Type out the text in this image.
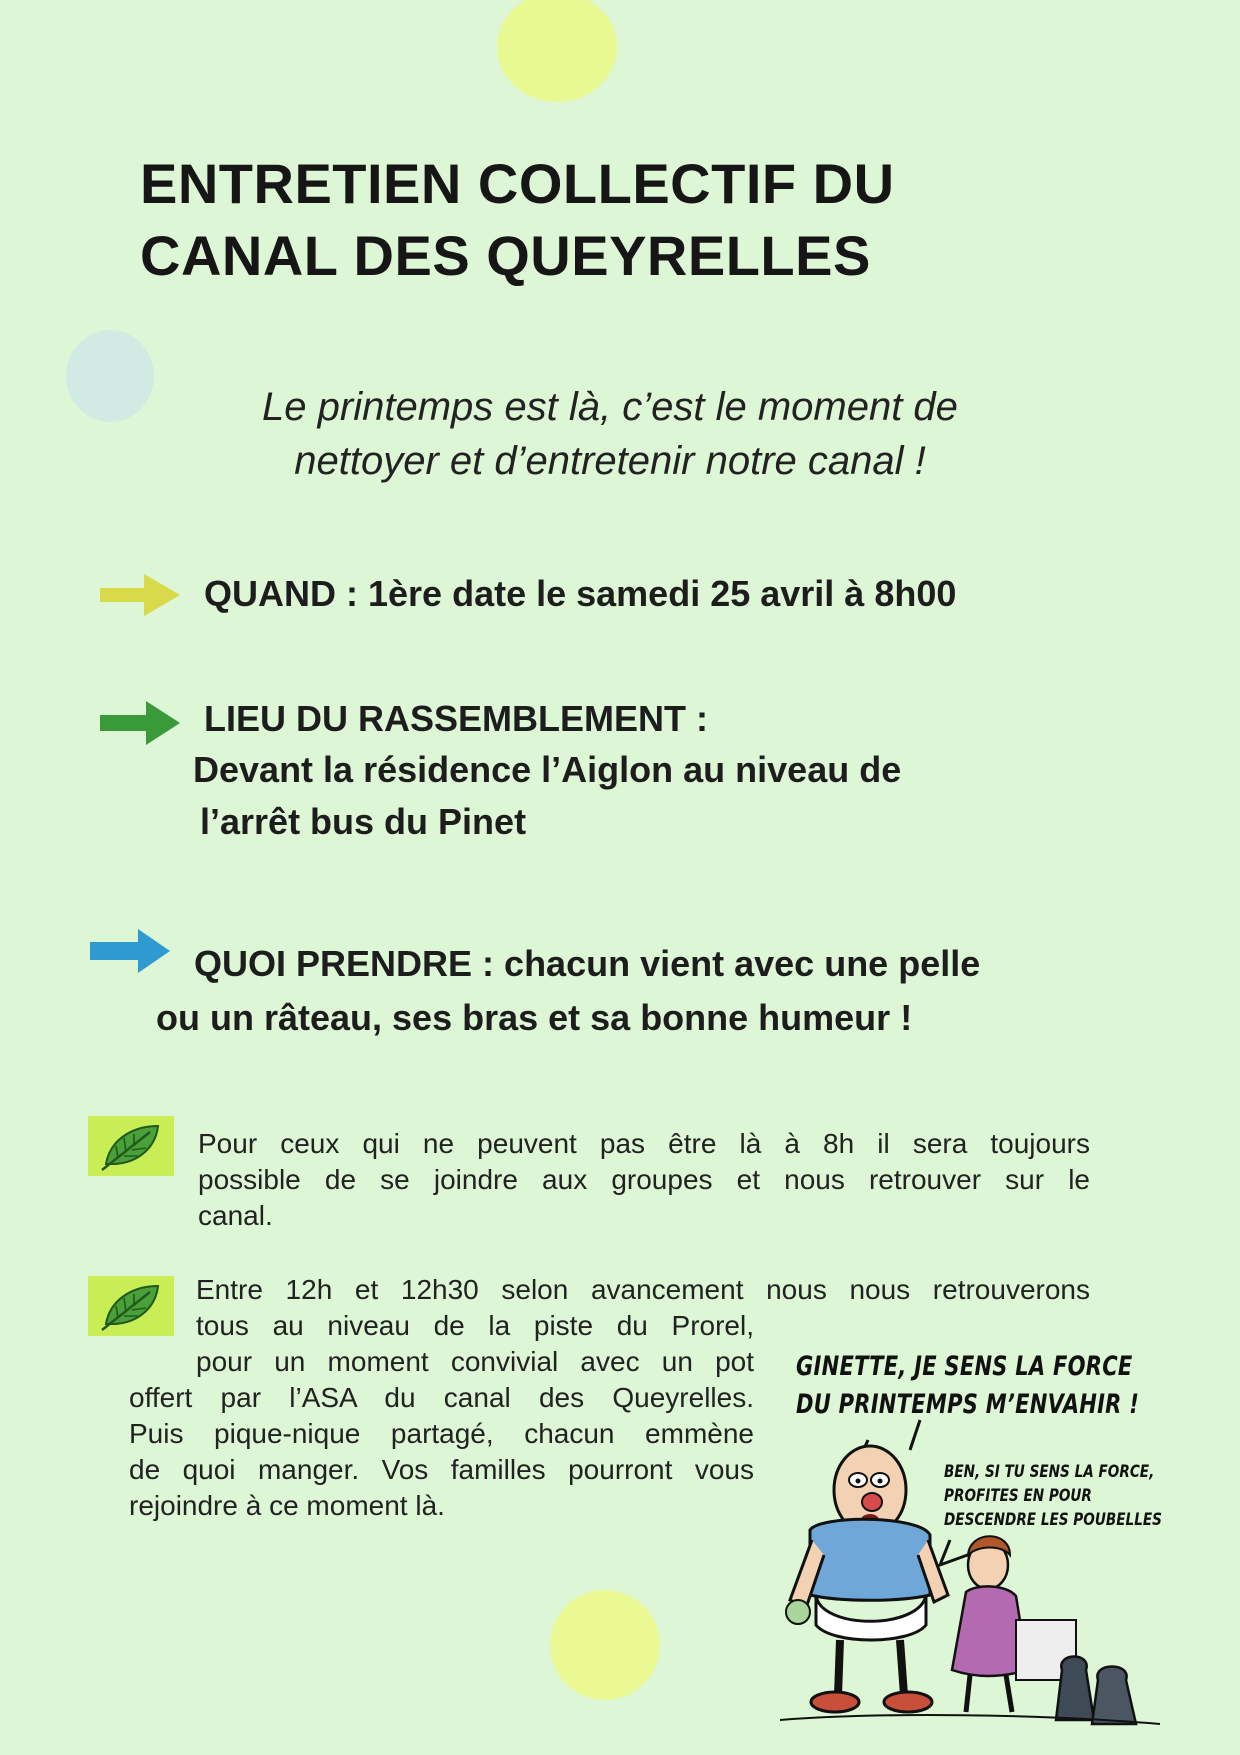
ENTRETIEN COLLECTIF DU
CANAL DES QUEYRELLES
Le printemps est là, c’est le moment de
nettoyer et d’entretenir notre canal !
QUAND : 1ère date le samedi 25 avril à 8h00
LIEU DU RASSEMBLEMENT :
Devant la résidence l’Aiglon au niveau de
l’arrêt bus du Pinet
QUOI PRENDRE : chacun vient avec une pelle
ou un râteau, ses bras et sa bonne humeur !
Pour ceux qui ne peuvent pas être là à 8h il sera toujours
possible de se joindre aux groupes et nous retrouver sur le
canal.
Entre 12h et 12h30 selon avancement nous nous retrouverons
tous au niveau de la piste du Prorel,
pour un moment convivial avec un pot
offert par l’ASA du canal des Queyrelles.
Puis pique-nique partagé, chacun emmène
de quoi manger. Vos familles pourront vous
rejoindre à ce moment là.
GINETTE, JE SENS LA FORCE
DU PRINTEMPS M’ENVAHIR !
BEN, SI TU SENS LA FORCE,
PROFITES EN POUR
DESCENDRE LES POUBELLES
